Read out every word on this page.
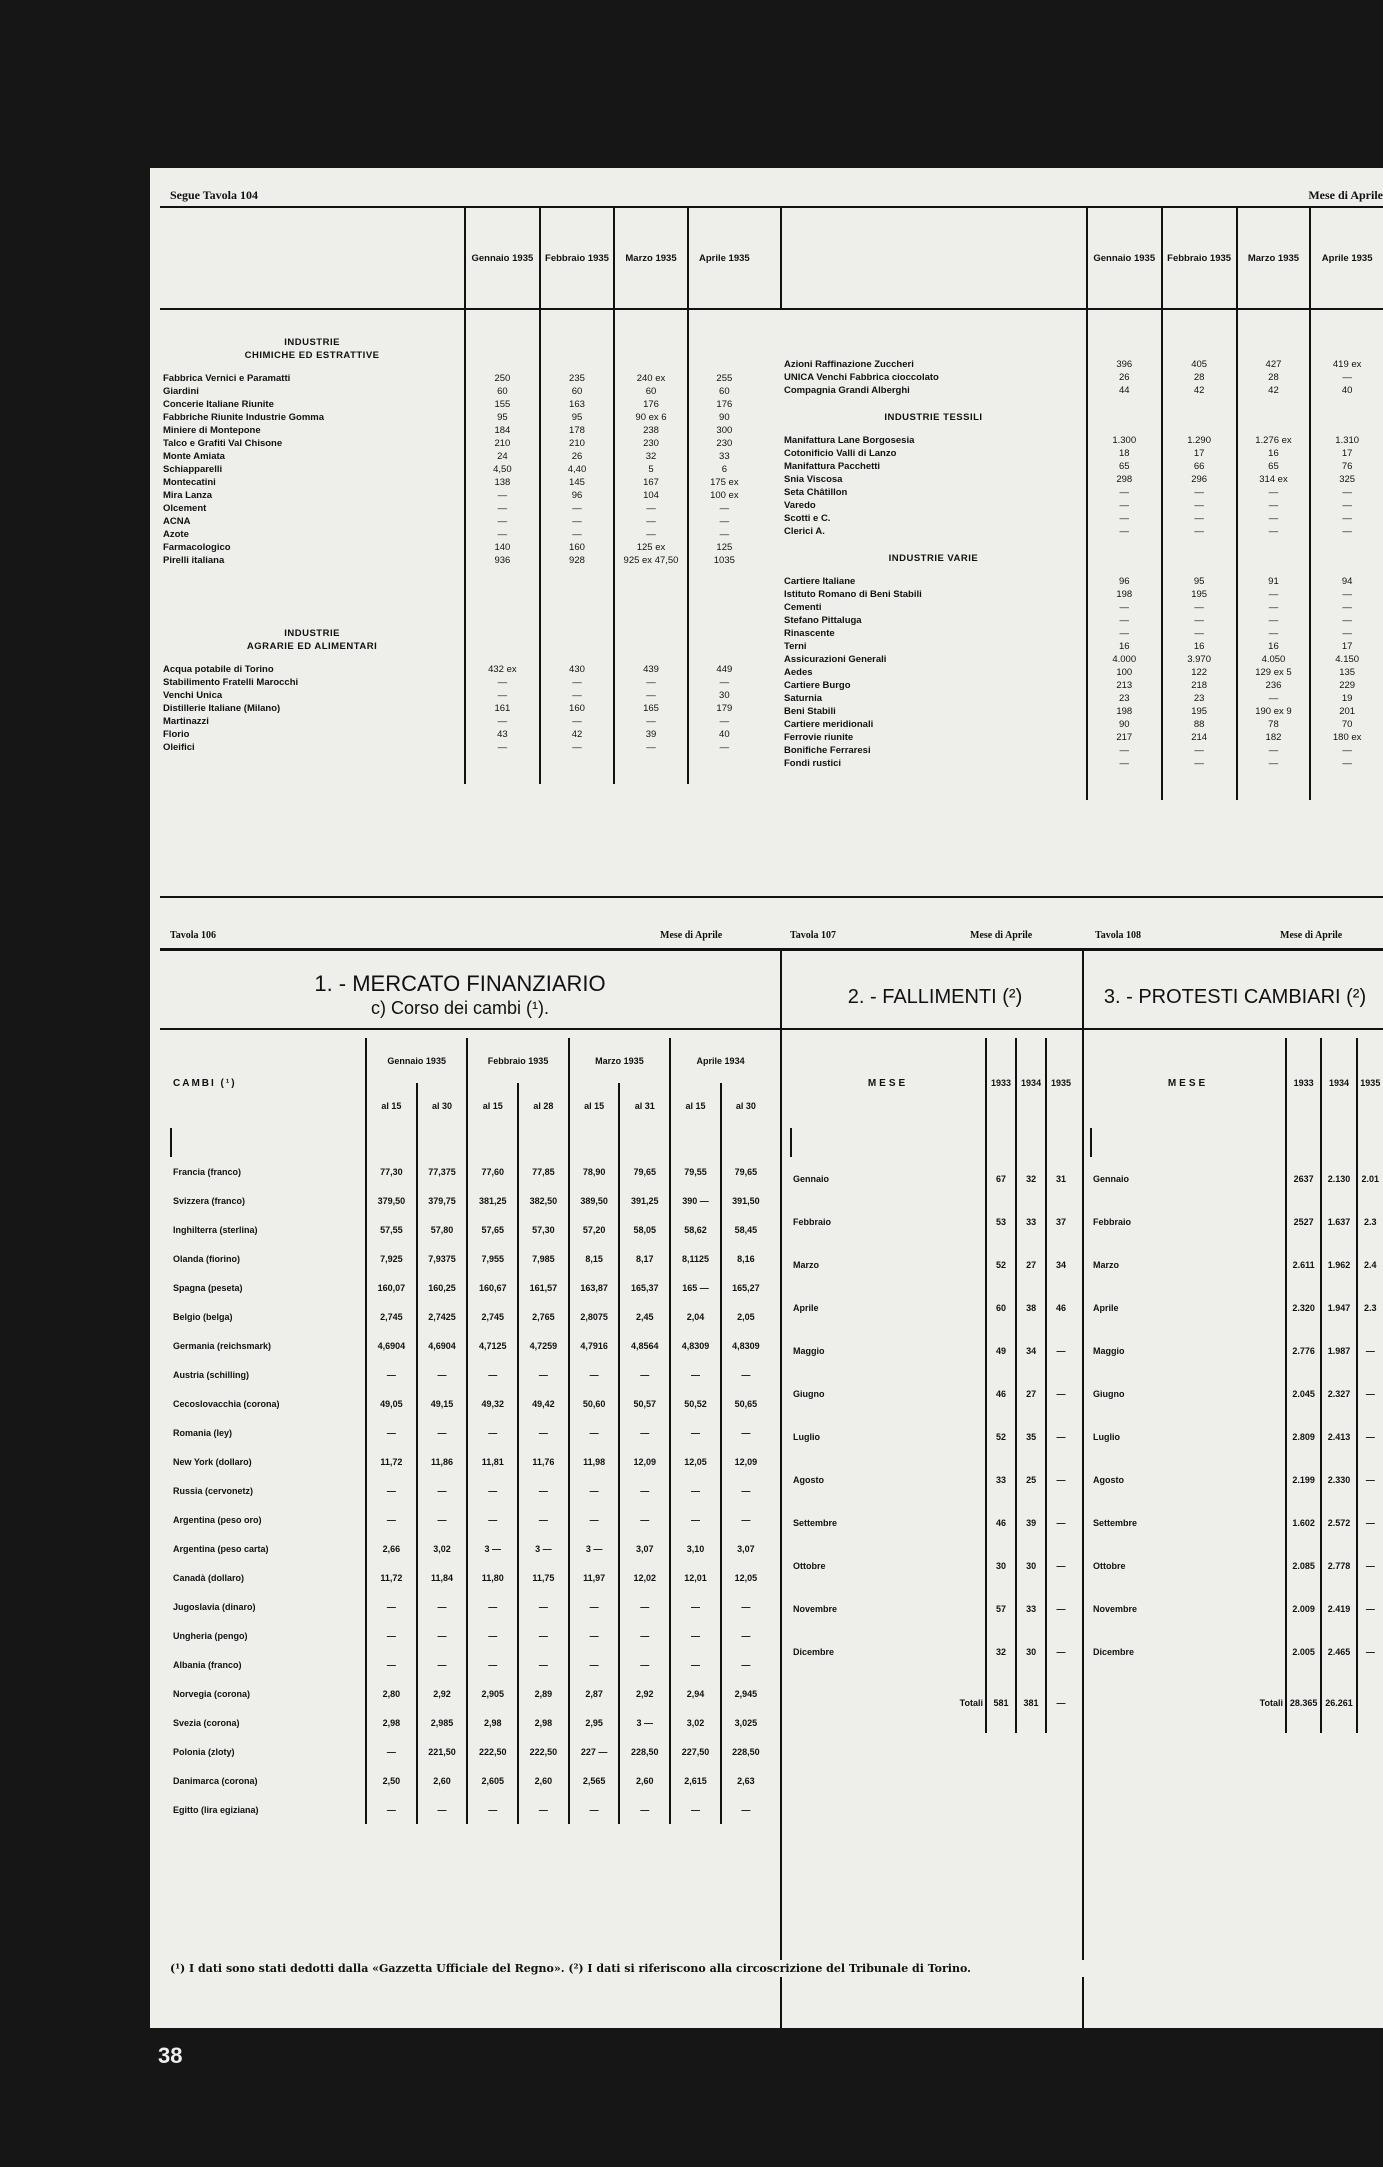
Segue Tavola 104	Mese di Aprile
	Gennaio 1935	Febbraio 1935	Marzo 1935	Aprile 1935

INDUSTRIE				
CHIMICHE ED ESTRATTIVE				

Fabbrica Vernici e Paramatti	250	235	240 ex	255
Giardini	60	60	60	60
Concerie Italiane Riunite	155	163	176	176
Fabbriche Riunite Industrie Gomma	95	95	90 ex 6	90
Miniere di Montepone	184	178	238	300
Talco e Grafiti Val Chisone	210	210	230	230
Monte Amiata	24	26	32	33
Schiapparelli	4,50	4,40	5	6
Montecatini	138	145	167	175 ex
Mira Lanza	—	96	104	100 ex
Olcement	—	—	—	—
ACNA	—	—	—	—
Azote	—	—	—	—
Farmacologico	140	160	125 ex	125
Pirelli italiana	936	928	925 ex 47,50	1035

INDUSTRIE				
AGRARIE ED ALIMENTARI				

Acqua potabile di Torino	432 ex	430	439	449
Stabilimento Fratelli Marocchi	—	—	—	—
Venchi Unica	—	—	—	30
Distillerie Italiane (Milano)	161	160	165	179
Martinazzi	—	—	—	—
Florio	43	42	39	40
Oleifici	—	—	—	—

	Gennaio 1935	Febbraio 1935	Marzo 1935	Aprile 1935

Azioni Raffinazione Zuccheri	396	405	427	419 ex
UNICA Venchi Fabbrica cioccolato	26	28	28	—
Compagnia Grandi Alberghi	44	42	42	40

INDUSTRIE TESSILI				

Manifattura Lane Borgosesia	1.300	1.290	1.276 ex	1.310
Cotonificio Valli di Lanzo	18	17	16	17
Manifattura Pacchetti	65	66	65	76
Snia Viscosa	298	296	314 ex	325
Seta Châtillon	—	—	—	—
Varedo	—	—	—	—
Scotti e C.	—	—	—	—
Clerici A.	—	—	—	—

INDUSTRIE VARIE				

Cartiere Italiane	96	95	91	94
Istituto Romano di Beni Stabili	198	195	—	—
Cementi	—	—	—	—
Stefano Pittaluga	—	—	—	—
Rinascente	—	—	—	—
Terni	16	16	16	17
Assicurazioni Generali	4.000	3.970	4.050	4.150
Aedes	100	122	129 ex 5	135
Cartiere Burgo	213	218	236	229
Saturnia	23	23	—	19
Beni Stabili	198	195	190 ex 9	201
Cartiere meridionali	90	88	78	70
Ferrovie riunite	217	214	182	180 ex
Bonifiche Ferraresi	—	—	—	—
Fondi rustici	—	—	—	—

Tavola 106	Mese di Aprile	Tavola 107	Mese di Aprile	Tavola 108	Mese di Aprile
1. - MERCATO FINANZIARIO
c) Corso dei cambi (¹).
CAMBI (¹)	Gennaio 1935		Febbraio 1935		Marzo 1935		Aprile 1934	
	al 15	al 30	al 15	al 28	al 15	al 31	al 15	al 30

Francia (franco)	77,30	77,375	77,60	77,85	78,90	79,65	79,55	79,65
Svizzera (franco)	379,50	379,75	381,25	382,50	389,50	391,25	390 —	391,50
Inghilterra (sterlina)	57,55	57,80	57,65	57,30	57,20	58,05	58,62	58,45
Olanda (fiorino)	7,925	7,9375	7,955	7,985	8,15	8,17	8,1125	8,16
Spagna (peseta)	160,07	160,25	160,67	161,57	163,87	165,37	165 —	165,27
Belgio (belga)	2,745	2,7425	2,745	2,765	2,8075	2,45	2,04	2,05
Germania (reichsmark)	4,6904	4,6904	4,7125	4,7259	4,7916	4,8564	4,8309	4,8309
Austria (schilling)	—	—	—	—	—	—	—	—
Cecoslovacchia (corona)	49,05	49,15	49,32	49,42	50,60	50,57	50,52	50,65
Romania (ley)	—	—	—	—	—	—	—	—
New York (dollaro)	11,72	11,86	11,81	11,76	11,98	12,09	12,05	12,09
Russia (cervonetz)	—	—	—	—	—	—	—	—
Argentina (peso oro)	—	—	—	—	—	—	—	—
Argentina (peso carta)	2,66	3,02	3 —	3 —	3 —	3,07	3,10	3,07
Canadà (dollaro)	11,72	11,84	11,80	11,75	11,97	12,02	12,01	12,05
Jugoslavia (dinaro)	—	—	—	—	—	—	—	—
Ungheria (pengo)	—	—	—	—	—	—	—	—
Albania (franco)	—	—	—	—	—	—	—	—
Norvegia (corona)	2,80	2,92	2,905	2,89	2,87	2,92	2,94	2,945
Svezia (corona)	2,98	2,985	2,98	2,98	2,95	3 —	3,02	3,025
Polonia (zloty)	—	221,50	222,50	222,50	227 —	228,50	227,50	228,50
Danimarca (corona)	2,50	2,60	2,605	2,60	2,565	2,60	2,615	2,63
Egitto (lira egiziana)	—	—	—	—	—	—	—	—
2. - FALLIMENTI (²)
MESE	1933	1934	1935

Gennaio	67	32	31
Febbraio	53	33	37
Marzo	52	27	34
Aprile	60	38	46
Maggio	49	34	—
Giugno	46	27	—
Luglio	52	35	—
Agosto	33	25	—
Settembre	46	39	—
Ottobre	30	30	—
Novembre	57	33	—
Dicembre	32	30	—
Totali	581	381	—
3. - PROTESTI CAMBIARI (²)
MESE	1933	1934	1935

Gennaio	2637	2.130	2.01
Febbraio	2527	1.637	2.3
Marzo	2.611	1.962	2.4
Aprile	2.320	1.947	2.3
Maggio	2.776	1.987	—
Giugno	2.045	2.327	—
Luglio	2.809	2.413	—
Agosto	2.199	2.330	—
Settembre	1.602	2.572	—
Ottobre	2.085	2.778	—
Novembre	2.009	2.419	—
Dicembre	2.005	2.465	—
Totali	28.365	26.261	
(¹) I dati sono stati dedotti dalla «Gazzetta Ufficiale del Regno». (²) I dati si riferiscono alla circoscrizione del Tribunale di Torino.
38
